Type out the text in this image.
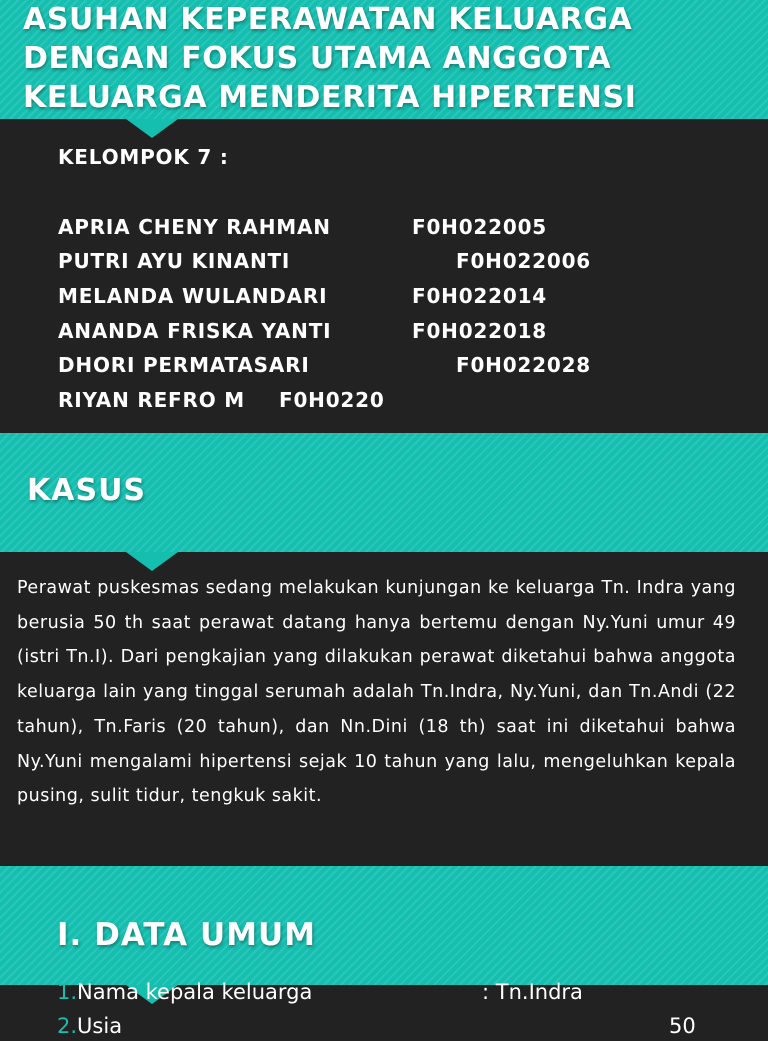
ASUHAN KEPERAWATAN KELUARGA
DENGAN FOKUS UTAMA ANGGOTA
KELUARGA MENDERITA HIPERTENSI
KELOMPOK 7 :
APRIA CHENY RAHMAN	F0H022005
PUTRI AYU KINANTI	F0H022006
MELANDA WULANDARI	F0H022014
ANANDA FRISKA YANTI	F0H022018
DHORI PERMATASARI	F0H022028
RIYAN REFRO M F0H0220
KASUS

Perawat puskesmas sedang melakukan kunjungan ke keluarga Tn. Indra yang berusia 50 th saat perawat datang hanya bertemu dengan Ny.Yuni umur 49 (istri Tn.I). Dari pengkajian yang dilakukan perawat diketahui bahwa anggota keluarga lain yang tinggal serumah adalah Tn.Indra, Ny.Yuni, dan Tn.Andi (22 tahun), Tn.Faris (20 tahun), dan Nn.Dini (18 th) saat ini diketahui bahwa Ny.Yuni mengalami hipertensi sejak 10 tahun yang lalu, mengeluhkan kepala pusing, sulit tidur, tengkuk sakit.

I. DATA UMUM
1.Nama kepala keluarga	: Tn.Indra
2.Usia	50
